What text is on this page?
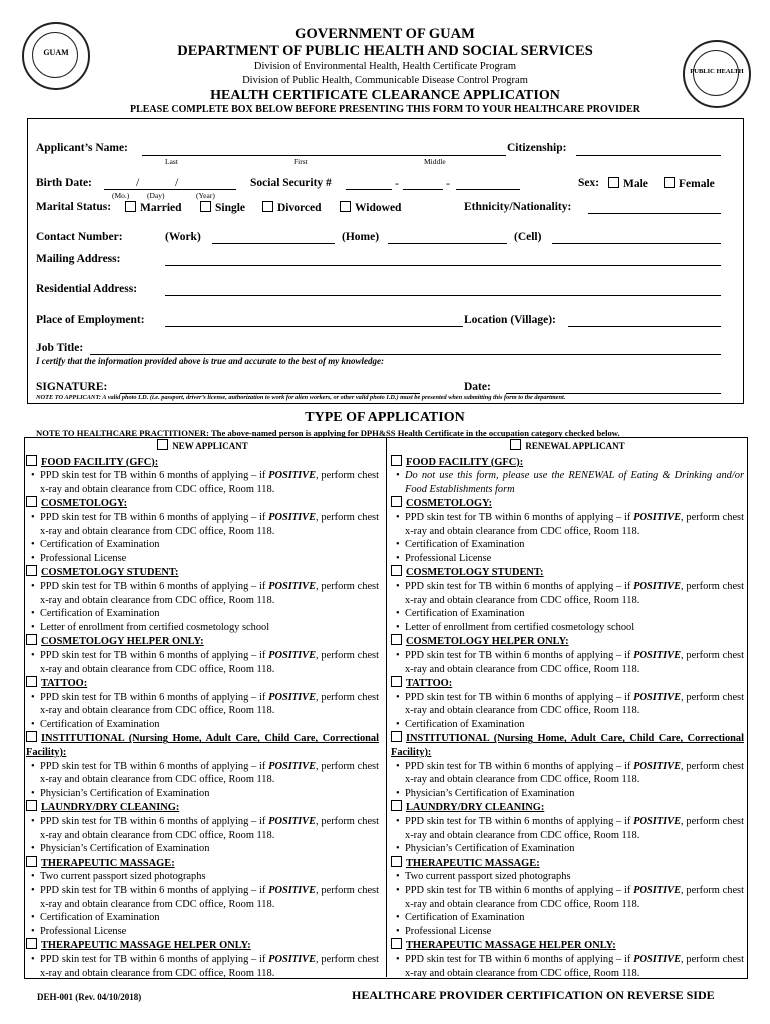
GUAM
PUBLIC HEALTH
GOVERNMENT OF GUAM
DEPARTMENT OF PUBLIC HEALTH AND SOCIAL SERVICES
Division of Environmental Health, Health Certificate Program
Division of Public Health, Communicable Disease Control Program
HEALTH CERTIFICATE CLEARANCE APPLICATION
PLEASE COMPLETE BOX BELOW BEFORE PRESENTING THIS FORM TO YOUR HEALTHCARE PROVIDER
Applicant’s Name:
Last	First	Middle
Citizenship:
Birth Date:	/	/
(Mo.) (Day)	(Year)
Social Security #	-	-	Sex:	Male	Female
Marital Status:	Married	Single	Divorced	Widowed	Ethnicity/Nationality:
Contact Number:	(Work)	(Home)	(Cell)
Mailing Address:
Residential Address:
Place of Employment:	Location (Village):
Job Title:
I certify that the information provided above is true and accurate to the best of my knowledge:
SIGNATURE:	Date:
NOTE TO APPLICANT: A valid photo I.D. (i.e. passport, driver’s license, authorization to work for alien workers, or other valid photo I.D.) must be presented when submitting this form to the department.
TYPE OF APPLICATION
NOTE TO HEALTHCARE PRACTITIONER: The above-named person is applying for DPH&SS Health Certificate in the occupation category checked below.
NEW APPLICANT
FOOD FACILITY (GFC):
• PPD skin test for TB within 6 months of applying – if POSITIVE, perform chest x-ray and obtain clearance from CDC office, Room 118.
COSMETOLOGY:
• PPD skin test for TB within 6 months of applying – if POSITIVE, perform chest x-ray and obtain clearance from CDC office, Room 118.
• Certification of Examination
• Professional License
COSMETOLOGY STUDENT:
• PPD skin test for TB within 6 months of applying – if POSITIVE, perform chest x-ray and obtain clearance from CDC office, Room 118.
• Certification of Examination
• Letter of enrollment from certified cosmetology school
COSMETOLOGY HELPER ONLY:
• PPD skin test for TB within 6 months of applying – if POSITIVE, perform chest x-ray and obtain clearance from CDC office, Room 118.
TATTOO:
• PPD skin test for TB within 6 months of applying – if POSITIVE, perform chest x-ray and obtain clearance from CDC office, Room 118.
• Certification of Examination
INSTITUTIONAL (Nursing Home, Adult Care, Child Care, Correctional Facility):
• PPD skin test for TB within 6 months of applying – if POSITIVE, perform chest x-ray and obtain clearance from CDC office, Room 118.
• Physician’s Certification of Examination
LAUNDRY/DRY CLEANING:
• PPD skin test for TB within 6 months of applying – if POSITIVE, perform chest x-ray and obtain clearance from CDC office, Room 118.
• Physician’s Certification of Examination
THERAPEUTIC MASSAGE:
• Two current passport sized photographs
• PPD skin test for TB within 6 months of applying – if POSITIVE, perform chest x-ray and obtain clearance from CDC office, Room 118.
• Certification of Examination
• Professional License
THERAPEUTIC MASSAGE HELPER ONLY:
• PPD skin test for TB within 6 months of applying – if POSITIVE, perform chest x-ray and obtain clearance from CDC office, Room 118.
RENEWAL APPLICANT
FOOD FACILITY (GFC):
• Do not use this form, please use the RENEWAL of Eating & Drinking and/or Food Establishments form
COSMETOLOGY:
• PPD skin test for TB within 6 months of applying – if POSITIVE, perform chest x-ray and obtain clearance from CDC office, Room 118.
• Certification of Examination
• Professional License
COSMETOLOGY STUDENT:
• PPD skin test for TB within 6 months of applying – if POSITIVE, perform chest x-ray and obtain clearance from CDC office, Room 118.
• Certification of Examination
• Letter of enrollment from certified cosmetology school
COSMETOLOGY HELPER ONLY:
• PPD skin test for TB within 6 months of applying – if POSITIVE, perform chest x-ray and obtain clearance from CDC office, Room 118.
TATTOO:
• PPD skin test for TB within 6 months of applying – if POSITIVE, perform chest x-ray and obtain clearance from CDC office, Room 118.
• Certification of Examination
INSTITUTIONAL (Nursing Home, Adult Care, Child Care, Correctional Facility):
• PPD skin test for TB within 6 months of applying – if POSITIVE, perform chest x-ray and obtain clearance from CDC office, Room 118.
• Physician’s Certification of Examination
LAUNDRY/DRY CLEANING:
• PPD skin test for TB within 6 months of applying – if POSITIVE, perform chest x-ray and obtain clearance from CDC office, Room 118.
• Physician’s Certification of Examination
THERAPEUTIC MASSAGE:
• Two current passport sized photographs
• PPD skin test for TB within 6 months of applying – if POSITIVE, perform chest x-ray and obtain clearance from CDC office, Room 118.
• Certification of Examination
• Professional License
THERAPEUTIC MASSAGE HELPER ONLY:
• PPD skin test for TB within 6 months of applying – if POSITIVE, perform chest x-ray and obtain clearance from CDC office, Room 118.
DEH-001 (Rev. 04/10/2018)	HEALTHCARE PROVIDER CERTIFICATION ON REVERSE SIDE
